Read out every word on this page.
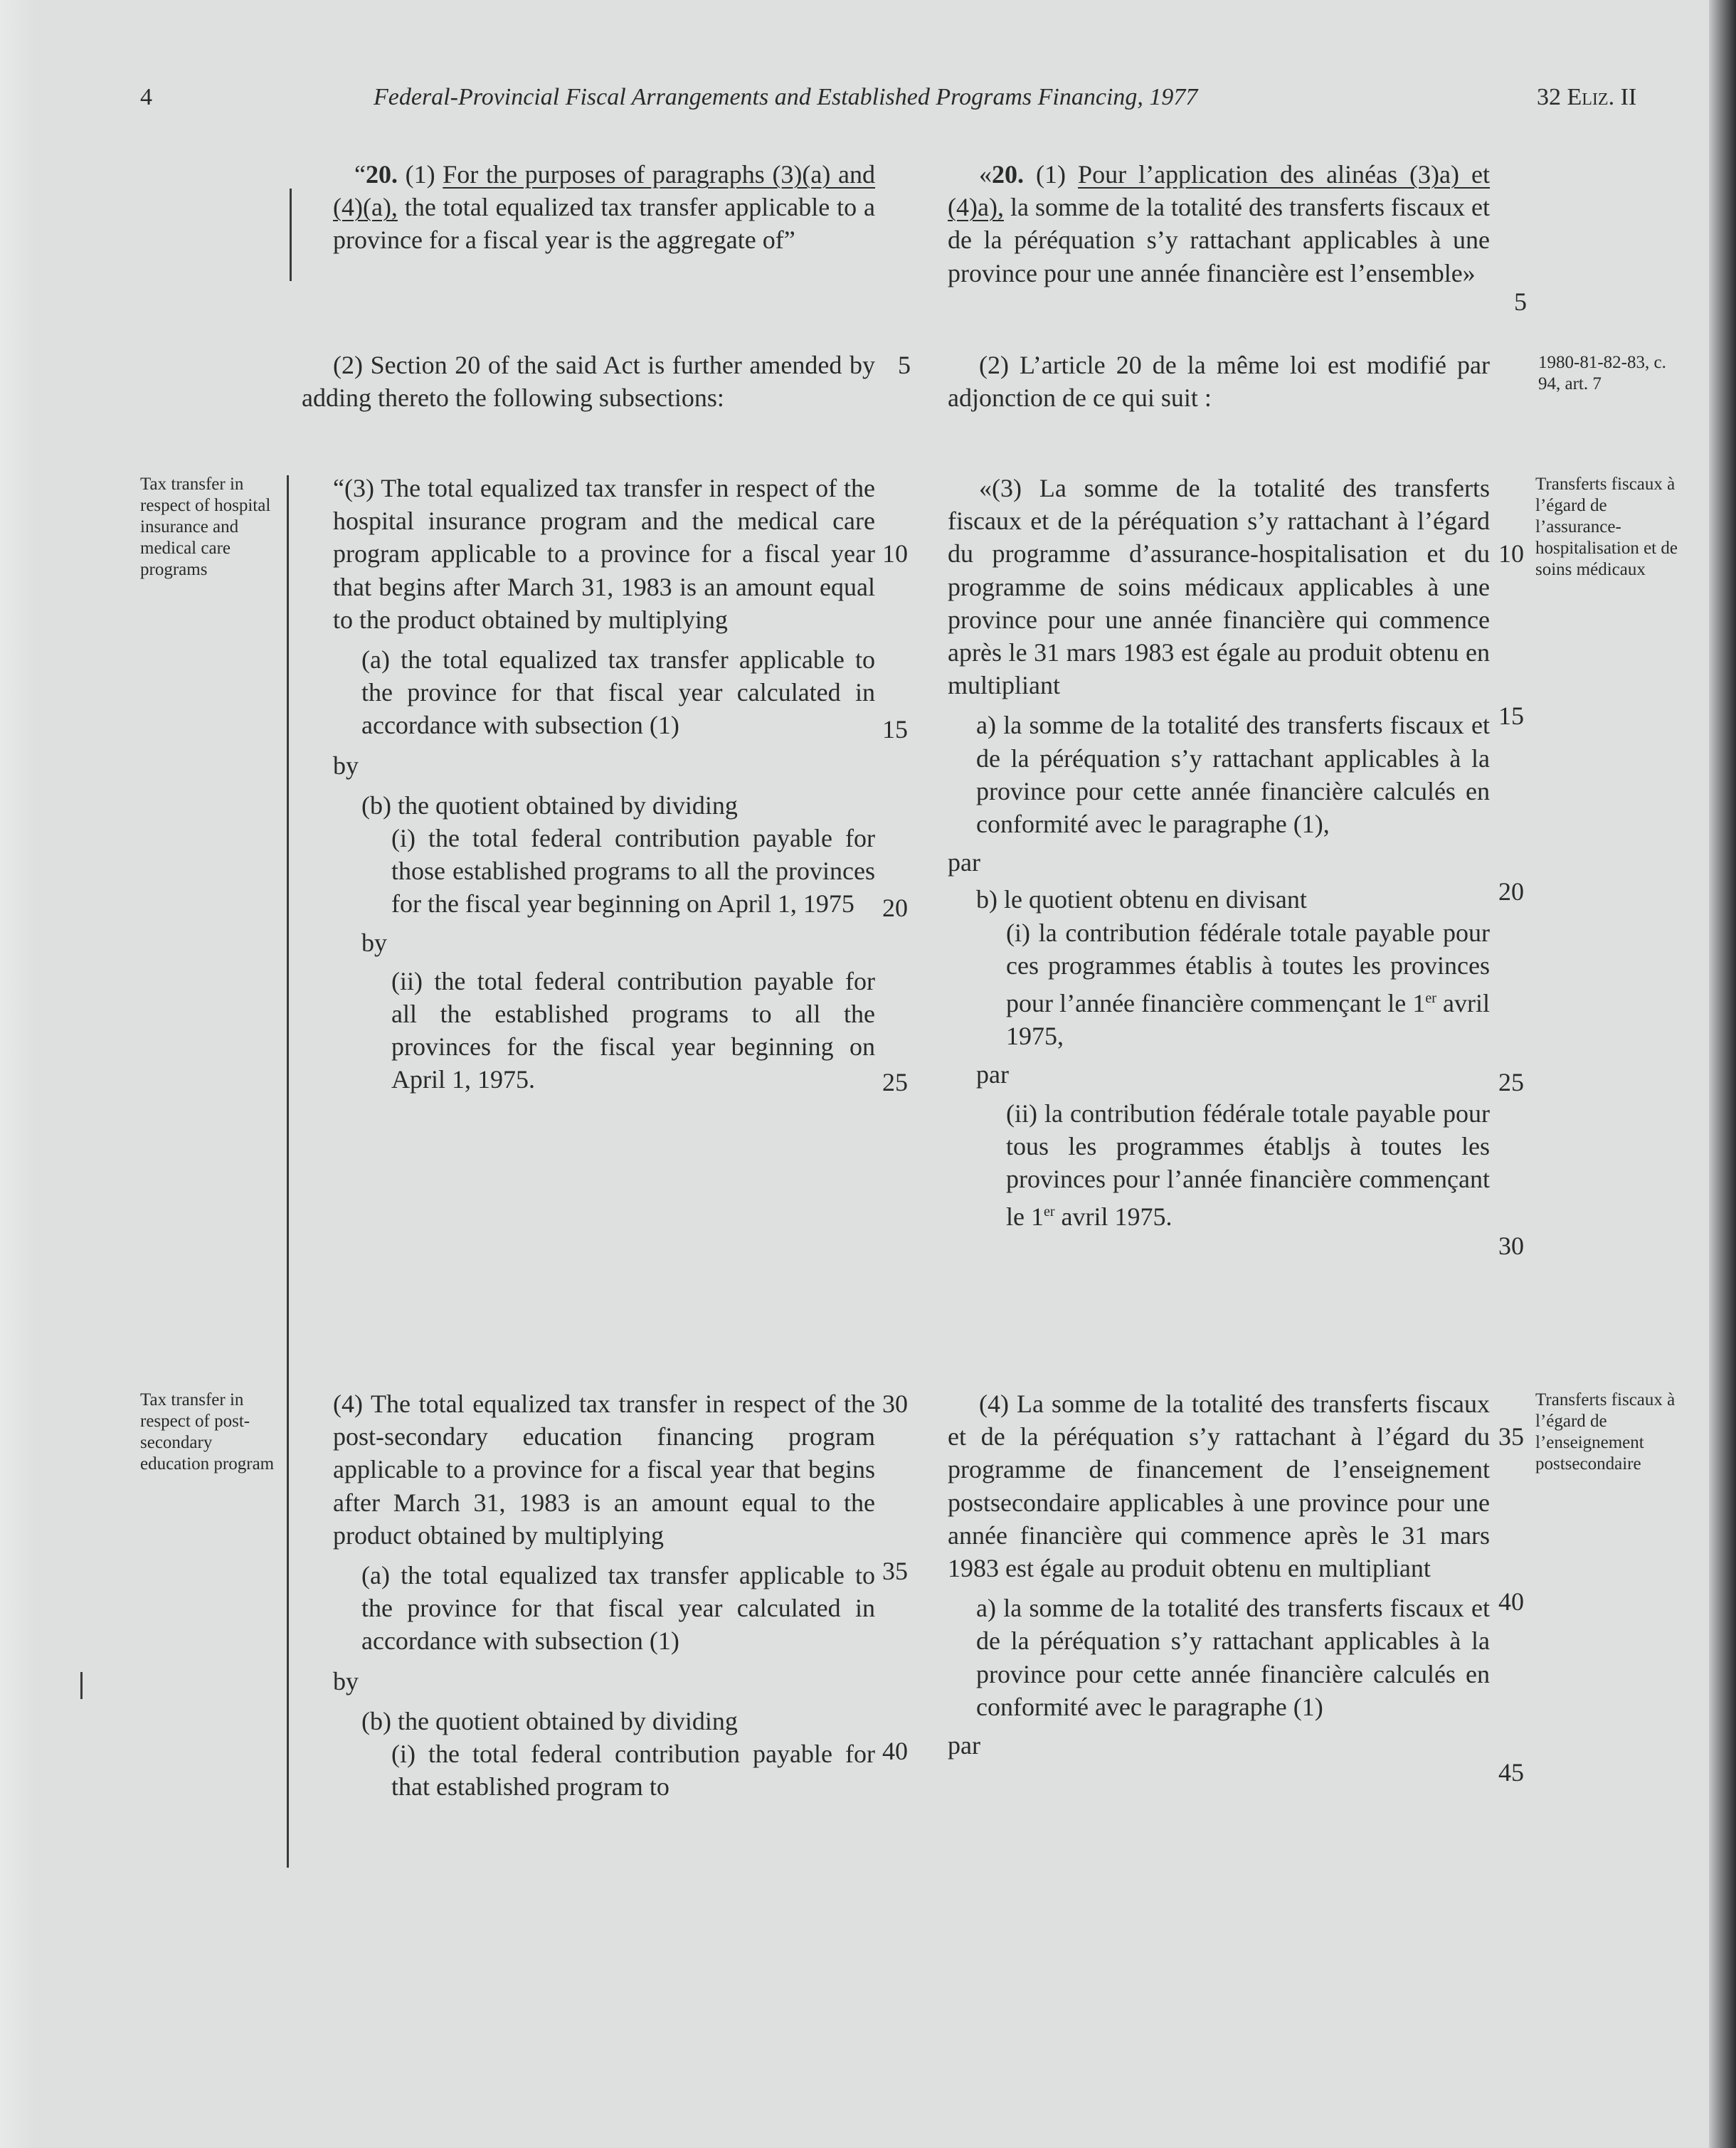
4	Federal-Provincial Fiscal Arrangements and Established Programs Financing, 1977	32 Eliz. II
Tax transfer in respect of hospital insurance and medical care programs
Tax transfer in respect of post-secondary education program
1980-81-82-83, c. 94, art. 7
Transferts fiscaux à l’égard de l’assurance-hospitalisation et de soins médicaux
Transferts fiscaux à l’égard de l’enseignement postsecondaire

“20. (1) For the purposes of paragraphs (3)(a) and (4)(a), the total equalized tax transfer applicable to a province for a fiscal year is the aggregate of”

(2) Section 20 of the said Act is further amended by adding thereto the following subsections:

“(3) The total equalized tax transfer in respect of the hospital insurance program and the medical care program applicable to a province for a fiscal year that begins after March 31, 1983 is an amount equal to the product obtained by multiplying

(a) the total equalized tax transfer applicable to the province for that fiscal year calculated in accordance with subsection (1)

by

(b) the quotient obtained by dividing

(i) the total federal contribution payable for those established programs to all the provinces for the fiscal year beginning on April 1, 1975

by

(ii) the total federal contribution payable for all the established programs to all the provinces for the fiscal year beginning on April 1, 1975.

(4) The total equalized tax transfer in respect of the post-secondary education financing program applicable to a province for a fiscal year that begins after March 31, 1983 is an amount equal to the product obtained by multiplying

(a) the total equalized tax transfer applicable to the province for that fiscal year calculated in accordance with subsection (1)

by

(b) the quotient obtained by dividing

(i) the total federal contribution payable for that established program to

5
10
15
20
25
30
35
40

«20. (1) Pour l’application des alinéas (3)a) et (4)a), la somme de la totalité des transferts fiscaux et de la péréquation s’y rattachant applicables à une province pour une année financière est l’ensemble»

(2) L’article 20 de la même loi est modifié par adjonction de ce qui suit :

«(3) La somme de la totalité des transferts fiscaux et de la péréquation s’y rattachant à l’égard du programme d’assurance-hospitalisation et du programme de soins médicaux applicables à une province pour une année financière qui commence après le 31 mars 1983 est égale au produit obtenu en multipliant

a) la somme de la totalité des transferts fiscaux et de la péréquation s’y rattachant applicables à la province pour cette année financière calculés en conformité avec le paragraphe (1),

par

b) le quotient obtenu en divisant

(i) la contribution fédérale totale payable pour ces programmes établis à toutes les provinces pour l’année financière commençant le 1er avril 1975,

par

(ii) la contribution fédérale totale payable pour tous les programmes établjs à toutes les provinces pour l’année financière commençant le 1er avril 1975.

(4) La somme de la totalité des transferts fiscaux et de la péréquation s’y rattachant à l’égard du programme de financement de l’enseignement postsecondaire applicables à une province pour une année financière qui commence après le 31 mars 1983 est égale au produit obtenu en multipliant

a) la somme de la totalité des transferts fiscaux et de la péréquation s’y rattachant applicables à la province pour cette année financière calculés en conformité avec le paragraphe (1)

par

5
10
15
20
25
30
35
40
45
